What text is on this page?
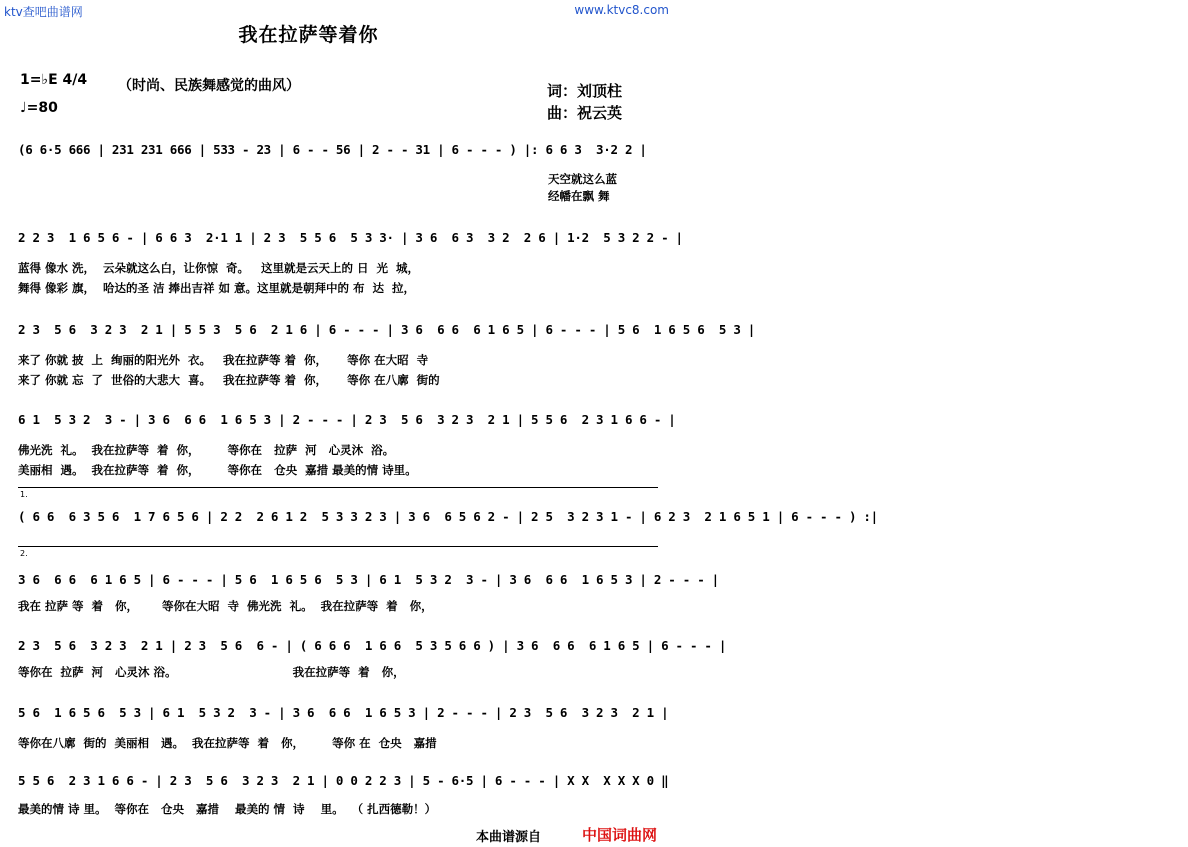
ktv查吧曲谱网	www.ktvc8.com
我在拉萨等着你
1=♭E 4/4
♩=80
（时尚、民族舞感觉的曲风）	词：刘顶柱
曲：祝云英
(6 6·5 666 | 231 231 666 | 533 - 23 | 6 - - 56 | 2 - - 31 | 6 - - - ) |: 6 6 3  3·2 2 |
天空就这么蓝
经幡在飘 舞
2 2 3  1 6 5 6 - | 6 6 3  2·1 1 | 2 3  5 5 6  5 3 3· | 3 6  6 3  3 2  2 6 | 1·2  5 3 2 2 - |
蓝得 像水 洗，  云朵就这么白，让你惊  奇。   这里就是云天上的 日  光  城，
舞得 像彩 旗，  哈达的圣 洁 捧出吉祥 如 意。这里就是朝拜中的 布  达  拉，
2 3  5 6  3 2 3  2 1 | 5 5 3  5 6  2 1 6 | 6 - - - | 3 6  6 6  6 1 6 5 | 6 - - - | 5 6  1 6 5 6  5 3 |
来了 你就 披  上  绚丽的阳光外  衣。   我在拉萨等 着  你，     等你 在大昭  寺
来了 你就 忘  了  世俗的大悲大  喜。   我在拉萨等 着  你，     等你 在八廓  街的
6 1  5 3 2  3 - | 3 6  6 6  1 6 5 3 | 2 - - - | 2 3  5 6  3 2 3  2 1 | 5 5 6  2 3 1 6 6 - |
佛光洗  礼。  我在拉萨等  着  你，       等你在   拉萨  河   心灵沐  浴。
美丽相  遇。  我在拉萨等  着  你，       等你在   仓央  嘉措 最美的情 诗里。
1.
( 6 6  6 3 5 6  1 7 6 5 6 | 2 2  2 6 1 2  5 3 3 2 3 | 3 6  6 5 6 2 - | 2 5  3 2 3 1 - | 6 2 3  2 1 6 5 1 | 6 - - - ) :|
2.
3 6  6 6  6 1 6 5 | 6 - - - | 5 6  1 6 5 6  5 3 | 6 1  5 3 2  3 - | 3 6  6 6  1 6 5 3 | 2 - - - |
我在 拉萨 等  着   你，      等你在大昭  寺  佛光洗  礼。  我在拉萨等  着   你，
2 3  5 6  3 2 3  2 1 | 2 3  5 6  6 - | ( 6 6 6  1 6 6  5 3 5 6 6 ) | 3 6  6 6  6 1 6 5 | 6 - - - |
等你在  拉萨  河   心灵沐 浴。                             我在拉萨等  着   你，
5 6  1 6 5 6  5 3 | 6 1  5 3 2  3 - | 3 6  6 6  1 6 5 3 | 2 - - - | 2 3  5 6  3 2 3  2 1 |
等你在八廓  街的  美丽相   遇。  我在拉萨等  着   你，       等你 在  仓央   嘉措
5 5 6  2 3 1 6 6 - | 2 3  5 6  3 2 3  2 1 | 0 0 2 2 3 | 5 - 6·5 | 6 - - - | X X  X X X 0 ‖
最美的情 诗 里。  等你在   仓央   嘉措    最美的 情  诗    里。  （ 扎西德勒！）
本曲谱源自	中国词曲网
